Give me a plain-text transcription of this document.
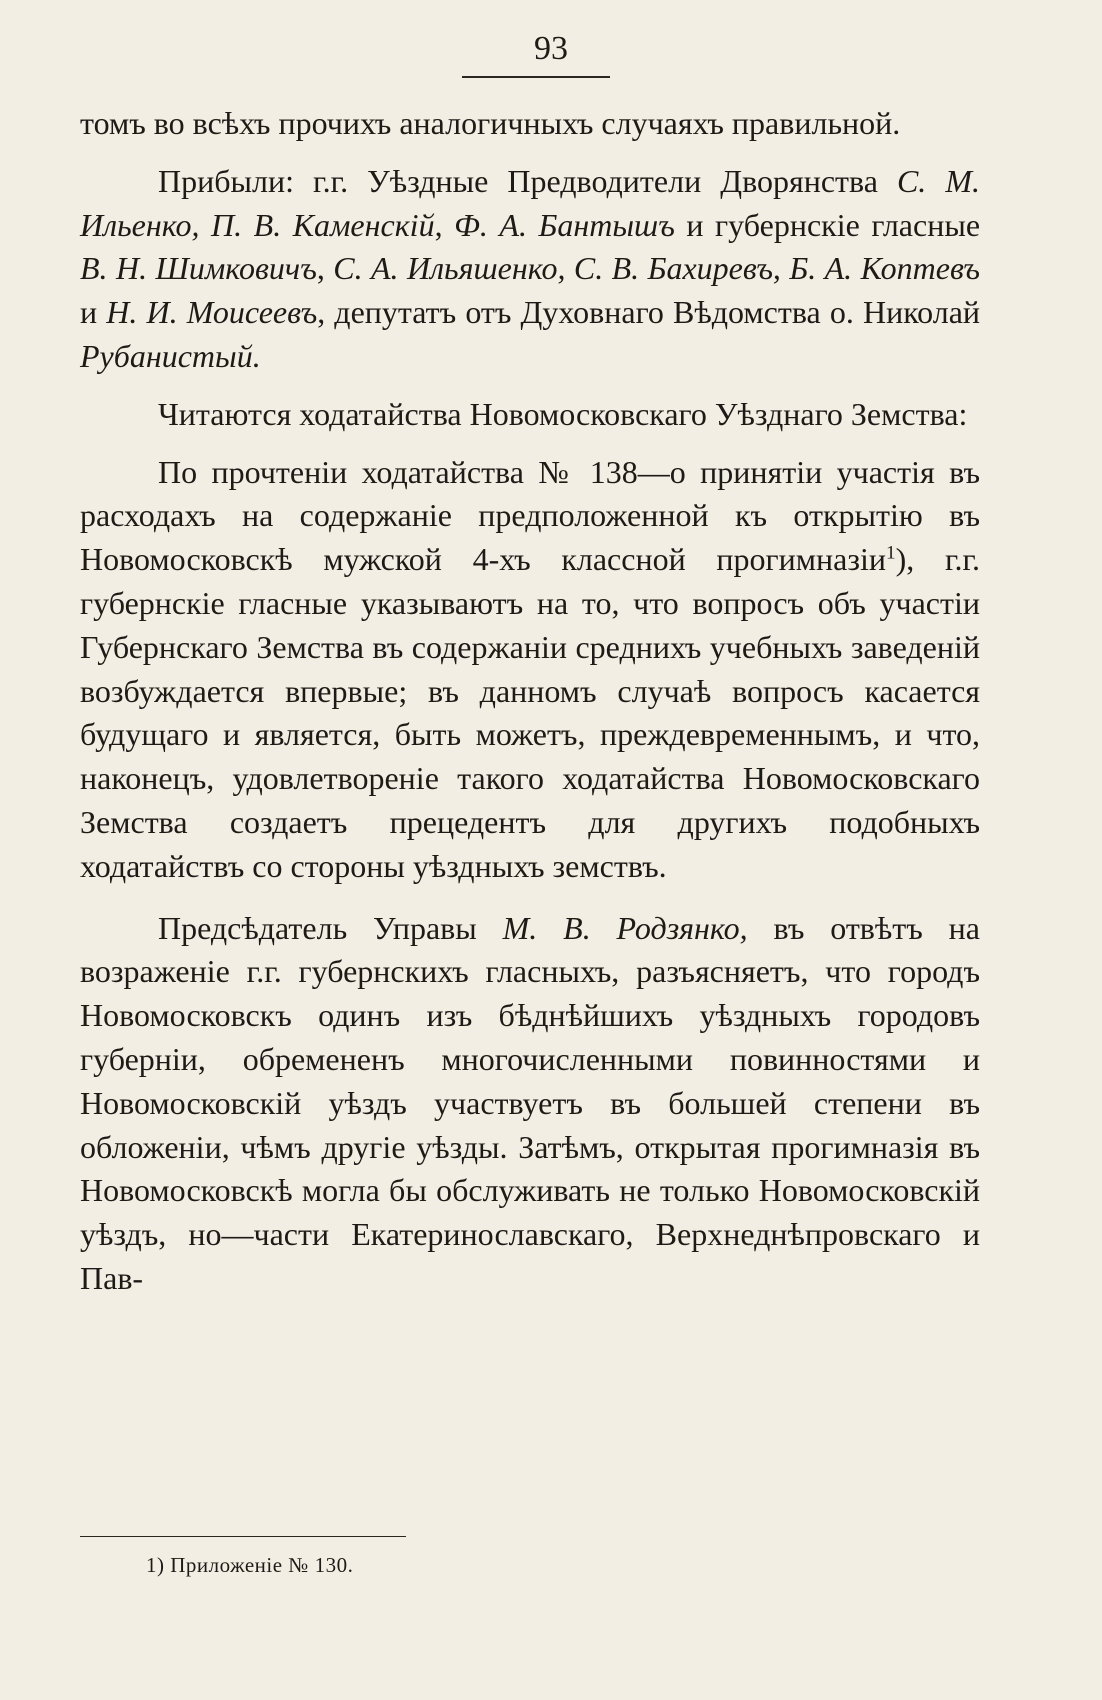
93

томъ во всѣхъ прочихъ аналогичныхъ случаяхъ правильной.

Прибыли: г.г. Уѣздные Предводители Дворянства С. М. Ильенко, П. В. Каменскій, Ф. А. Бантышъ и губернскіе гласные В. Н. Шимковичъ, С. А. Ильяшенко, С. В. Бахиревъ, Б. А. Коптевъ и Н. И. Моисеевъ, депутатъ отъ Духовнаго Вѣдомства о. Николай Рубанистый.

Читаются ходатайства Новомосковскаго Уѣзднаго Земства:

По прочтеніи ходатайства № 138—о принятіи участія въ расходахъ на содержаніе предположенной къ открытію въ Новомосковскѣ мужской 4-хъ классной прогимназіи$^1$), г.г. губернскіе гласные указываютъ на то, что вопросъ объ участіи Губернскаго Земства въ содержаніи среднихъ учебныхъ заведеній возбуждается впервые; въ данномъ случаѣ вопросъ касается будущаго и является, быть можетъ, преждевременнымъ, и что, наконецъ, удовлетвореніе такого ходатайства Новомосковскаго Земства создаетъ прецедентъ для другихъ подобныхъ ходатайствъ со стороны уѣздныхъ земствъ.

Предсѣдатель Управы М. В. Родзянко, въ отвѣтъ на возраженіе г.г. губернскихъ гласныхъ, разъясняетъ, что городъ Новомосковскъ одинъ изъ бѣднѣйшихъ уѣздныхъ городовъ губерніи, обремененъ многочисленными повинностями и Новомосковскій уѣздъ участвуетъ въ большей степени въ обложеніи, чѣмъ другіе уѣзды. Затѣмъ, открытая прогимназія въ Новомосковскѣ могла бы обслуживать не только Новомосковскій уѣздъ, но—части Екатеринославскаго, Верхнеднѣпровскаго и Пав-

1) Приложеніе № 130.
